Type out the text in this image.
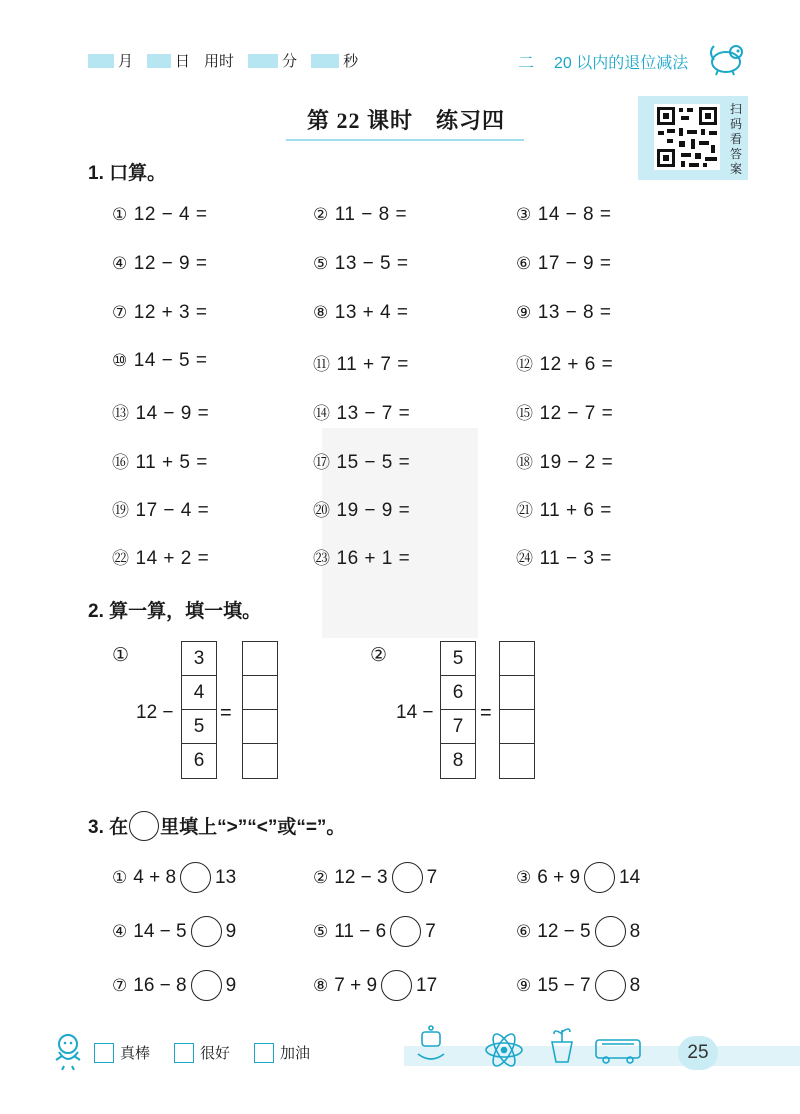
月	日 用时	分	秒	二 20 以内的退位减法
第 22 课时　练习四	扫
码
看
答
案
1. 口算。
① 12 − 4 =	② 11 − 8 =	③ 14 − 8 =
④ 12 − 9 =	⑤ 13 − 5 =	⑥ 17 − 9 =
⑦ 12 + 3 =	⑧ 13 + 4 =	⑨ 13 − 8 =
⑩ 14 − 5 =	⑪ 11 + 7 =	⑫ 12 + 6 =
⑬ 14 − 9 =	⑭ 13 − 7 =	⑮ 12 − 7 =
⑯ 11 + 5 =	⑰ 15 − 5 =	⑱ 19 − 2 =
⑲ 17 − 4 =	⑳ 19 − 9 =	㉑ 11 + 6 =
㉒ 14 + 2 =	㉓ 16 + 1 =	㉔ 11 − 3 =
2. 算一算，填一填。
①
12 − =
3
4
5
6
②
14 − =
5
6
7
8
3. 在 里填上“>”“<”或“=”。
① 4 + 8 13	② 12 − 3 7	③ 6 + 9 14
④ 14 − 5 9	⑤ 11 − 6 7	⑥ 12 − 5 8
⑦ 16 − 8 9	⑧ 7 + 9 17	⑨ 15 − 7 8
真棒	很好	加油	25
